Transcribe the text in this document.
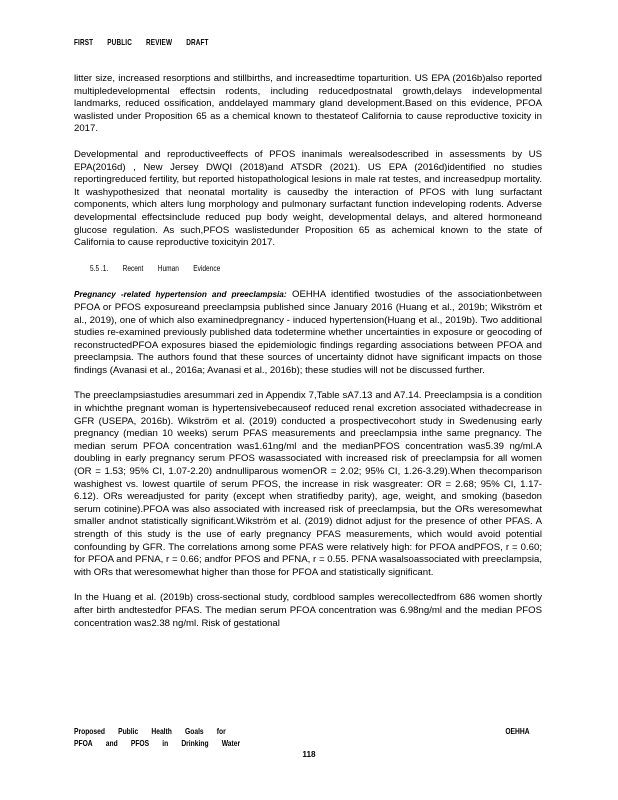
FIRST PUBLIC REVIEW DRAFT

litter size, increased resorptions and stillbirths, and increasedtime toparturition. US EPA (2016b)also reported multipledevelopmental effectsin rodents, including reducedpostnatal growth,delays indevelopmental landmarks, reduced ossification, anddelayed mammary gland development.Based on this evidence, PFOA waslisted under Proposition 65 as a chemical known to thestateof California to cause reproductive toxicity in 2017.

Developmental and reproductiveeffects of PFOS inanimals werealsodescribed in assessments by US EPA(2016d) , New Jersey DWQI (2018)and ATSDR (2021). US EPA (2016d)identified no studies reportingreduced fertility, but reported histopathological lesions in male rat testes, and increasedpup mortality. It washypothesized that neonatal mortality is causedby the interaction of PFOS with lung surfactant components, which alters lung morphology and pulmonary surfactant function indeveloping rodents. Adverse developmental effectsinclude reduced pup body weight, developmental delays, and altered hormoneand glucose regulation. As such,PFOS waslistedunder Proposition 65 as achemical known to the state of California to cause reproductive toxicityin 2017.

5.5 .1. Recent Human Evidence

Pregnancy -related hypertension and preeclampsia: OEHHA identified twostudies of the associationbetween PFOA or PFOS exposureand preeclampsia published since January 2016 (Huang et al., 2019b; Wikström et al., 2019), one of which also examinedpregnancy - induced hypertension(Huang et al., 2019b). Two additional studies re-examined previously published data todetermine whether uncertainties in exposure or geocoding of reconstructedPFOA exposures biased the epidemiologic findings regarding associations between PFOA and preeclampsia. The authors found that these sources of uncertainty didnot have significant impacts on those findings (Avanasi et al., 2016a; Avanasi et al., 2016b); these studies will not be discussed further.

The preeclampsiastudies aresummari zed in Appendix 7,Table sA7.13 and A7.14. Preeclampsia is a condition in whichthe pregnant woman is hypertensivebecauseof reduced renal excretion associated withadecrease in GFR (USEPA, 2016b). Wikström et al. (2019) conducted a prospectivecohort study in Swedenusing early pregnancy (median 10 weeks) serum PFAS measurements and preeclampsia inthe same pregnancy. The median serum PFOA concentration was1.61ng/ml and the medianPFOS concentration was5.39 ng/ml.A doubling in early pregnancy serum PFOS wasassociated with increased risk of preeclampsia for all women (OR = 1.53; 95% CI, 1.07-2.20) andnulliparous womenOR = 2.02; 95% CI, 1.26-3.29).When thecomparison washighest vs. lowest quartile of serum PFOS, the increase in risk wasgreater: OR = 2.68; 95% CI, 1.17-6.12). ORs wereadjusted for parity (except when stratifiedby parity), age, weight, and smoking (basedon serum cotinine).PFOA was also associated with increased risk of preeclampsia, but the ORs weresomewhat smaller andnot statistically significant.Wikström et al. (2019) didnot adjust for the presence of other PFAS. A strength of this study is the use of early pregnancy PFAS measurements, which would avoid potential confounding by GFR. The correlations among some PFAS were relatively high: for PFOA andPFOS, r = 0.60; for PFOA and PFNA, r = 0.66; andfor PFOS and PFNA, r = 0.55. PFNA wasalsoassociated with preeclampsia, with ORs that weresomewhat higher than those for PFOA and statistically significant.

In the Huang et al. (2019b) cross-sectional study, cordblood samples werecollectedfrom 686 women shortly after birth andtestedfor PFAS. The median serum PFOA concentration was 6.98ng/ml and the median PFOS concentration was2.38 ng/ml. Risk of gestational

Proposed Public Health Goals for
PFOA and PFOS in Drinking Water
OEHHA
118
